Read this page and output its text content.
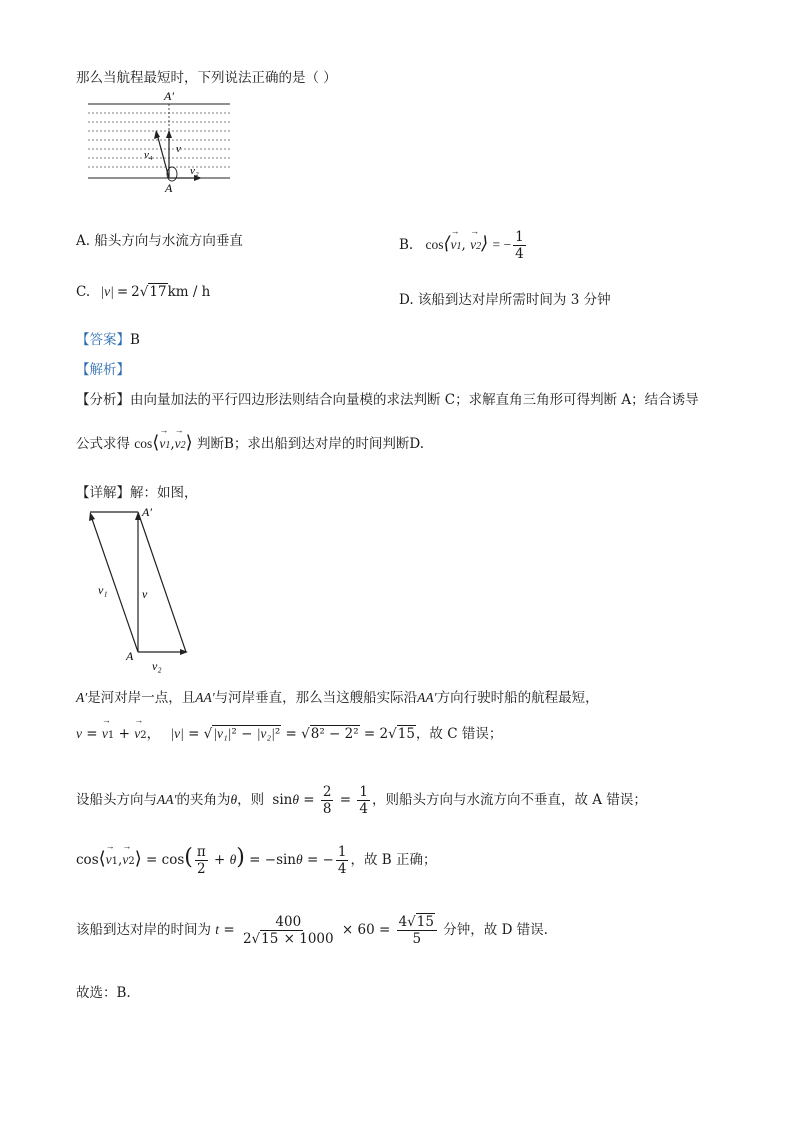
那么当航程最短时，下列说法正确的是（ ）
A′
A
v₄ v
v₂
A. 船头方向与水流方向垂直	B. cos⟨→ v1, → v2⟩ = − $\frac{1}{4}$
C. |v| = 2√17km / h	D. 该船到达对岸所需时间为 3 分钟
【答案】B
【解析】
【分析】由向量加法的平行四边形法则结合向量模的求法判断 C；求解直角三角形可得判断 A；结合诱导
公式求得 cos⟨→ v1,→ v2⟩ 判断B；求出船到达对岸的时间判断D.
【详解】解：如图，
A′
A
v₁	v
v₂
A′是河对岸一点，且AA′与河岸垂直，那么当这艘船实际沿AA′方向行驶时船的航程最短，
v = → v1 + → v2， |v| = √|v₁|² − |v₂|² = √8² − 2² = 2√15，故 C 错误；
设船头方向与AA′的夹角为θ，则 $\sin\theta = \frac{2}{8} = \frac{1}{4}$ ，则船头方向与水流方向不垂直，故 A 错误；
cos⟨→ v1,→ v2⟩ = $\cos( \frac{\pi}{2} + \theta) = -\sin\theta$ = − $\frac{1}{4}$ ，故 B 正确；
该船到达对岸的时间为 $t = \frac{400}{2√15 \times 1000} \times 60 = \frac{4√15}{5}$ 分钟，故 D 错误.
故选：B.
